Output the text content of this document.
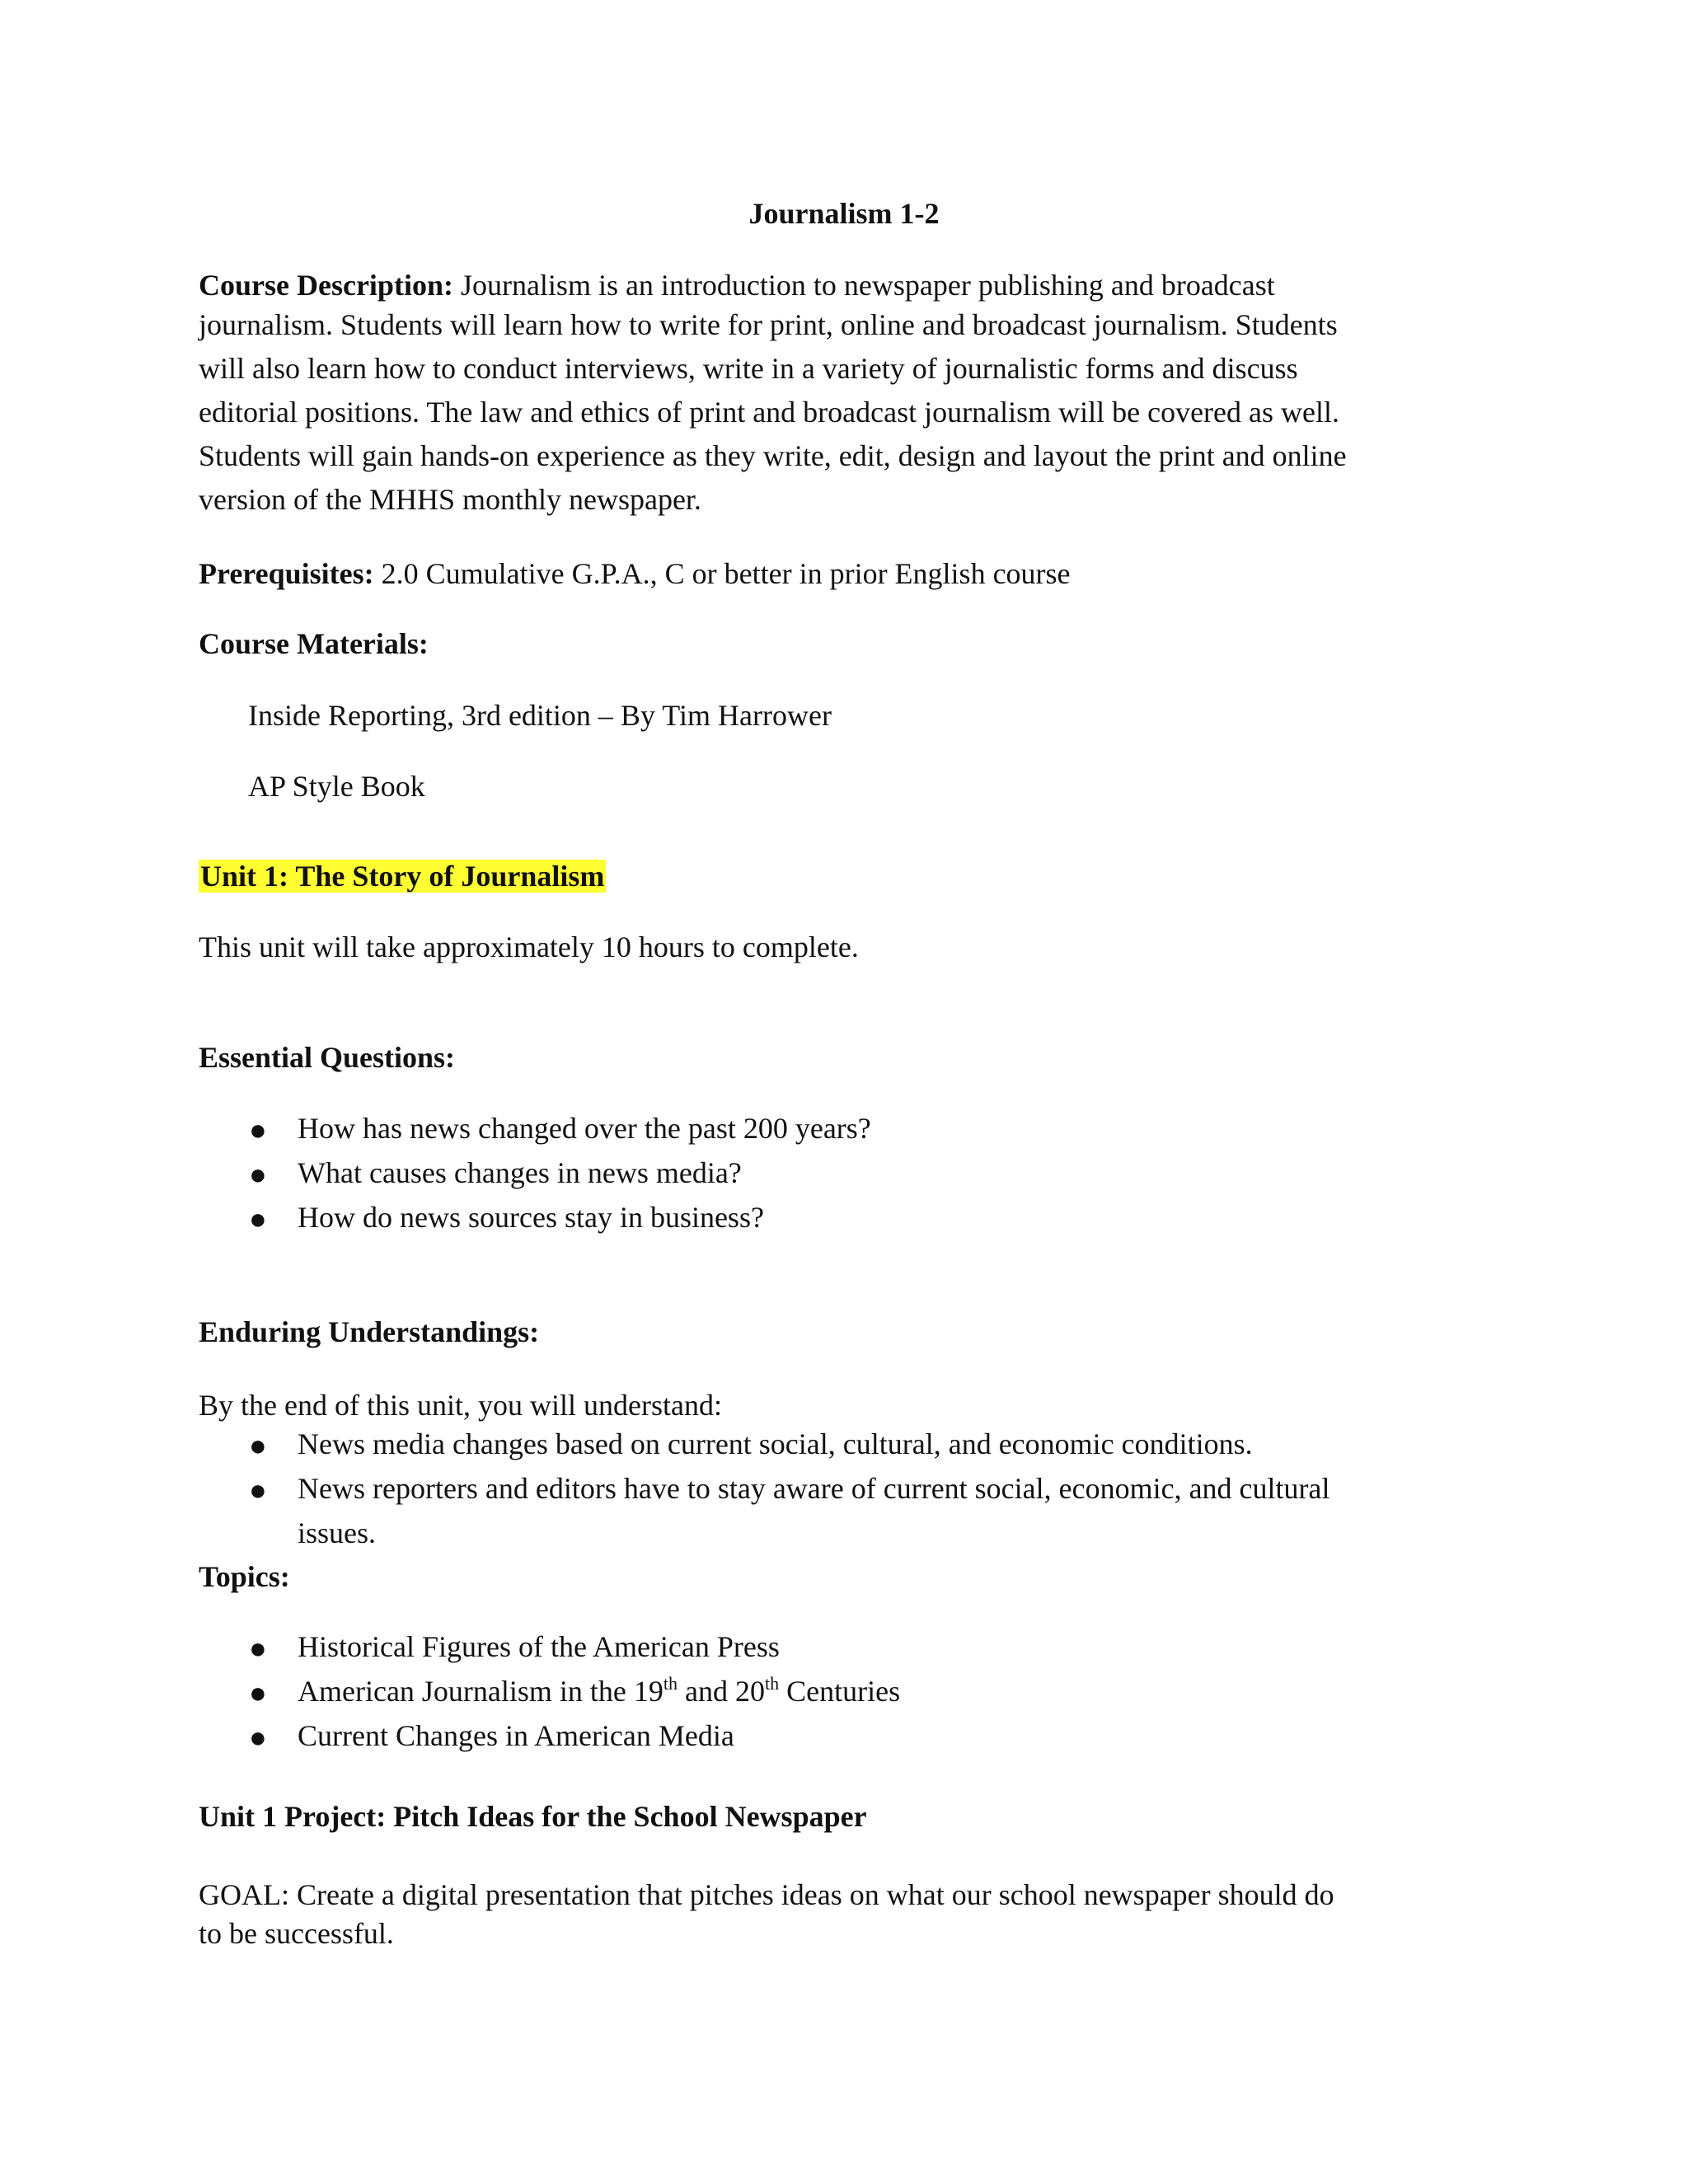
Journalism 1-2
Course Description: Journalism is an introduction to newspaper publishing and broadcast
journalism. Students will learn how to write for print, online and broadcast journalism. Students
will also learn how to conduct interviews, write in a variety of journalistic forms and discuss
editorial positions. The law and ethics of print and broadcast journalism will be covered as well.
Students will gain hands-on experience as they write, edit, design and layout the print and online
version of the MHHS monthly newspaper.
Prerequisites: 2.0 Cumulative G.P.A., C or better in prior English course
Course Materials:
Inside Reporting, 3rd edition – By Tim Harrower
AP Style Book
Unit 1: The Story of Journalism
This unit will take approximately 10 hours to complete.
Essential Questions:
● How has news changed over the past 200 years?
● What causes changes in news media?
● How do news sources stay in business?
Enduring Understandings:
By the end of this unit, you will understand:
● News media changes based on current social, cultural, and economic conditions.
● News reporters and editors have to stay aware of current social, economic, and cultural
issues.
Topics:
● Historical Figures of the American Press
● American Journalism in the 19th and 20th Centuries
● Current Changes in American Media
Unit 1 Project: Pitch Ideas for the School Newspaper
GOAL: Create a digital presentation that pitches ideas on what our school newspaper should do
to be successful.
